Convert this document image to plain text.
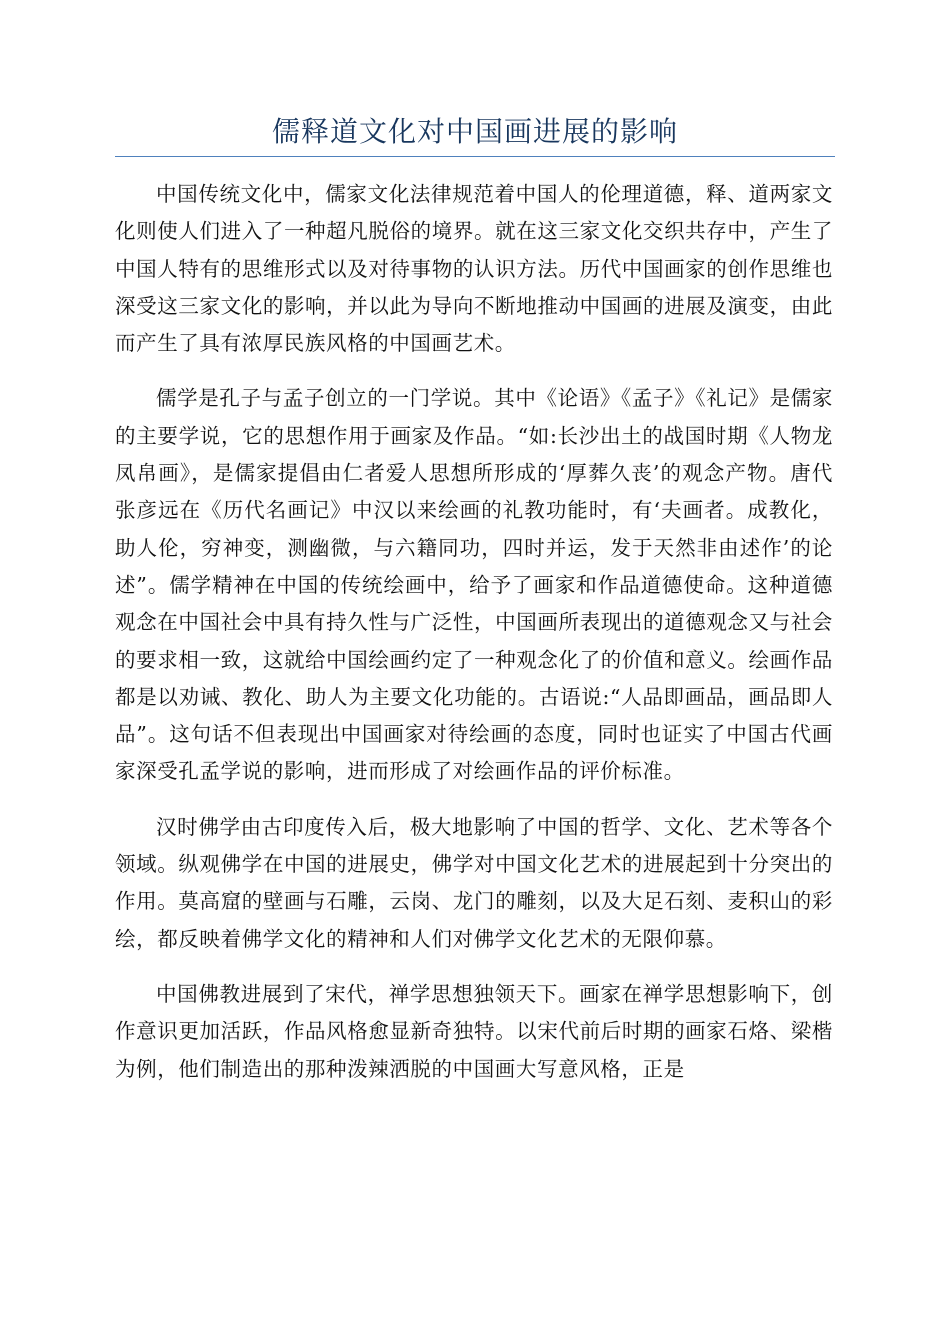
儒释道文化对中国画进展的影响

中国传统文化中，儒家文化法律规范着中国人的伦理道德，释、道两家文化则使人们进入了一种超凡脱俗的境界。就在这三家文化交织共存中，产生了中国人特有的思维形式以及对待事物的认识方法。历代中国画家的创作思维也深受这三家文化的影响，并以此为导向不断地推动中国画的进展及演变，由此而产生了具有浓厚民族风格的中国画艺术。

儒学是孔子与孟子创立的一门学说。其中《论语》《孟子》《礼记》是儒家的主要学说，它的思想作用于画家及作品。“如:长沙出土的战国时期《人物龙凤帛画》，是儒家提倡由仁者爱人思想所形成的‘厚葬久丧’的观念产物。唐代张彦远在《历代名画记》中汉以来绘画的礼教功能时，有‘夫画者。成教化，助人伦，穷神变，测幽微，与六籍同功，四时并运，发于天然非由述作’的论述”。儒学精神在中国的传统绘画中，给予了画家和作品道德使命。这种道德观念在中国社会中具有持久性与广泛性，中国画所表现出的道德观念又与社会的要求相一致，这就给中国绘画约定了一种观念化了的价值和意义。绘画作品都是以劝诫、教化、助人为主要文化功能的。古语说:“人品即画品，画品即人品”。这句话不但表现出中国画家对待绘画的态度，同时也证实了中国古代画家深受孔孟学说的影响，进而形成了对绘画作品的评价标准。

汉时佛学由古印度传入后，极大地影响了中国的哲学、文化、艺术等各个领域。纵观佛学在中国的进展史，佛学对中国文化艺术的进展起到十分突出的作用。莫高窟的壁画与石雕，云岗、龙门的雕刻，以及大足石刻、麦积山的彩绘，都反映着佛学文化的精神和人们对佛学文化艺术的无限仰慕。

中国佛教进展到了宋代，禅学思想独领天下。画家在禅学思想影响下，创作意识更加活跃，作品风格愈显新奇独特。以宋代前后时期的画家石烙、梁楷为例，他们制造出的那种泼辣洒脱的中国画大写意风格，正是
